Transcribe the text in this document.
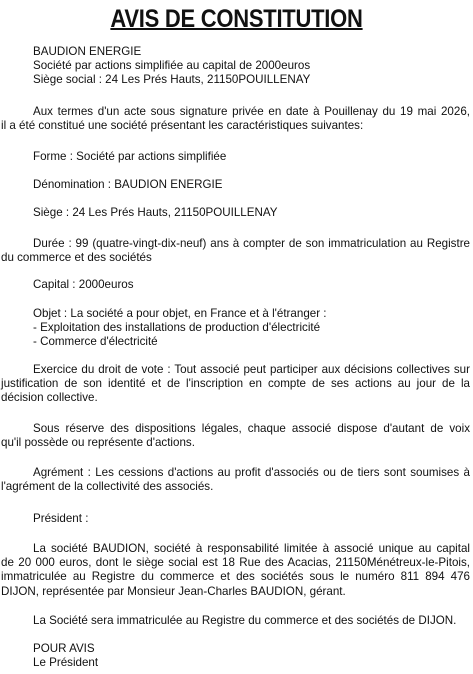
AVIS DE CONSTITUTION
BAUDION ENERGIE
Société par actions simplifiée au capital de 2000euros
Siège social : 24 Les Prés Hauts, 21150POUILLENAY
Aux termes d'un acte sous signature privée en date à Pouillenay du 19 mai 2026,
il a été constitué une société présentant les caractéristiques suivantes:
Forme : Société par actions simplifiée
Dénomination : BAUDION ENERGIE
Siège : 24 Les Prés Hauts, 21150POUILLENAY
Durée : 99 (quatre-vingt-dix-neuf) ans à compter de son immatriculation au Registre
du commerce et des sociétés
Capital : 2000euros
Objet : La société a pour objet, en France et à l'étranger :
- Exploitation des installations de production d'électricité
- Commerce d'électricité
Exercice du droit de vote : Tout associé peut participer aux décisions collectives sur
justification de son identité et de l'inscription en compte de ses actions au jour de la
décision collective.
Sous réserve des dispositions légales, chaque associé dispose d'autant de voix
qu'il possède ou représente d'actions.
Agrément : Les cessions d'actions au profit d'associés ou de tiers sont soumises à
l'agrément de la collectivité des associés.
Président :
La société BAUDION, société à responsabilité limitée à associé unique au capital
de 20 000 euros, dont le siège social est 18 Rue des Acacias, 21150Ménétreux-le-Pitois,
immatriculée au Registre du commerce et des sociétés sous le numéro 811 894 476
DIJON, représentée par Monsieur Jean-Charles BAUDION, gérant.
La Société sera immatriculée au Registre du commerce et des sociétés de DIJON.
POUR AVIS
Le Président
